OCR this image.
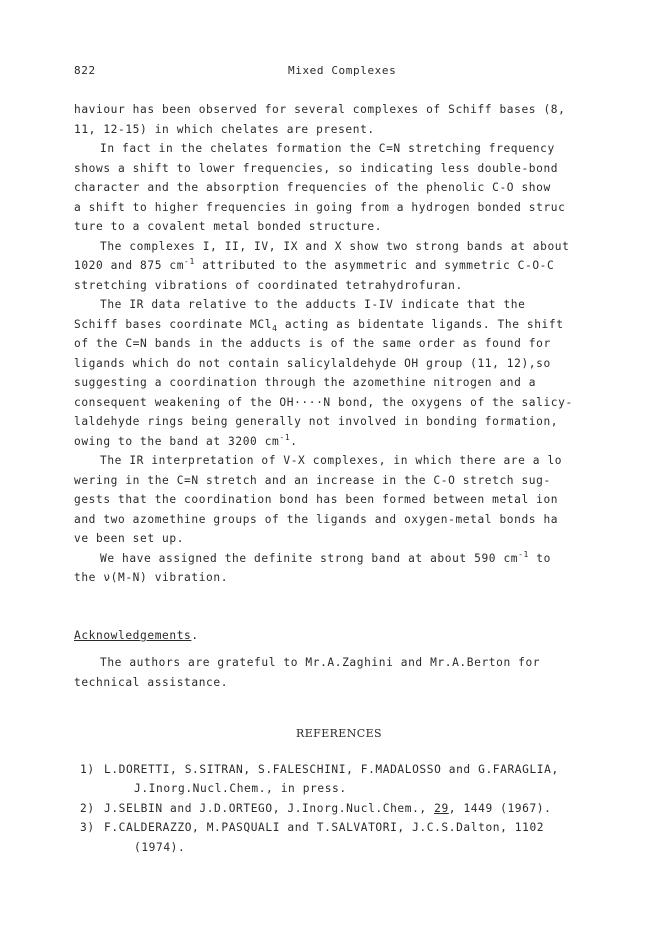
822	Mixed Complexes
haviour has been observed for several complexes of Schiff bases (8,
11, 12-15) in which chelates are present.
In fact in the chelates formation the C=N stretching frequency
shows a shift to lower frequencies, so indicating less double-bond
character and the absorption frequencies of the phenolic C-O show
a shift to higher frequencies in going from a hydrogen bonded struc
ture to a covalent metal bonded structure.
The complexes I, II, IV, IX and X show two strong bands at about
1020 and 875 $cm^{-1}$ attributed to the asymmetric and symmetric C-O-C
stretching vibrations of coordinated tetrahydrofuran.
The IR data relative to the adducts I-IV indicate that the
Schiff bases coordinate MCl$_4$ acting as bidentate ligands. The shift
of the C=N bands in the adducts is of the same order as found for
ligands which do not contain salicylaldehyde OH group (11, 12),so
suggesting a coordination through the azomethine nitrogen and a
consequent weakening of the OH····N bond, the oxygens of the salicy-
laldehyde rings being generally not involved in bonding formation,
owing to the band at 3200 $cm^{-1}$.
The IR interpretation of V-X complexes, in which there are a lo
wering in the C=N stretch and an increase in the C-O stretch sug-
gests that the coordination bond has been formed between metal ion
and two azomethine groups of the ligands and oxygen-metal bonds ha
ve been set up.
We have assigned the definite strong band at about 590 $cm^{-1}$ to
the ν(M-N) vibration.
Acknowledgements.
The authors are grateful to Mr.A.Zaghini and Mr.A.Berton for
technical assistance.
REFERENCES
1) L.DORETTI, S.SITRAN, S.FALESCHINI, F.MADALOSSO and G.FARAGLIA,
J.Inorg.Nucl.Chem., in press.
2) J.SELBIN and J.D.ORTEGO, J.Inorg.Nucl.Chem., 29, 1449 (1967).
3) F.CALDERAZZO, M.PASQUALI and T.SALVATORI, J.C.S.Dalton, 1102
(1974).
